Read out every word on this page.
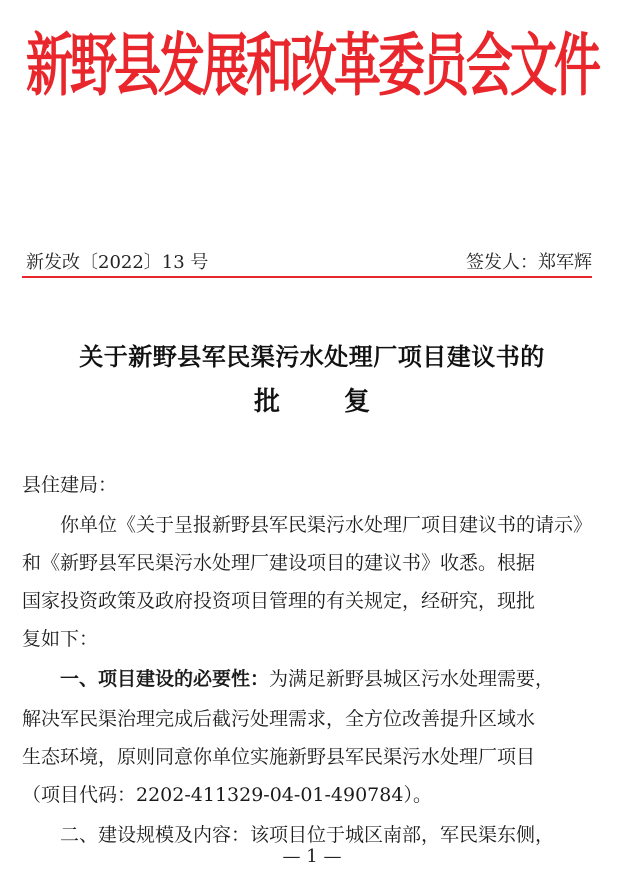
新野县发展和改革委员会文件
新发改〔2022〕13 号	签发人：郑军辉
关于新野县军民渠污水处理厂项目建议书的
批 复
县住建局：
你单位《关于呈报新野县军民渠污水处理厂项目建议书的请示》
和《新野县军民渠污水处理厂建设项目的建议书》收悉。根据
国家投资政策及政府投资项目管理的有关规定，经研究，现批
复如下：
一、项目建设的必要性：为满足新野县城区污水处理需要，
解决军民渠治理完成后截污处理需求，全方位改善提升区域水
生态环境，原则同意你单位实施新野县军民渠污水处理厂项目
（项目代码：2202-411329-04-01-490784）。
二、建设规模及内容：该项目位于城区南部，军民渠东侧，
— 1 —
